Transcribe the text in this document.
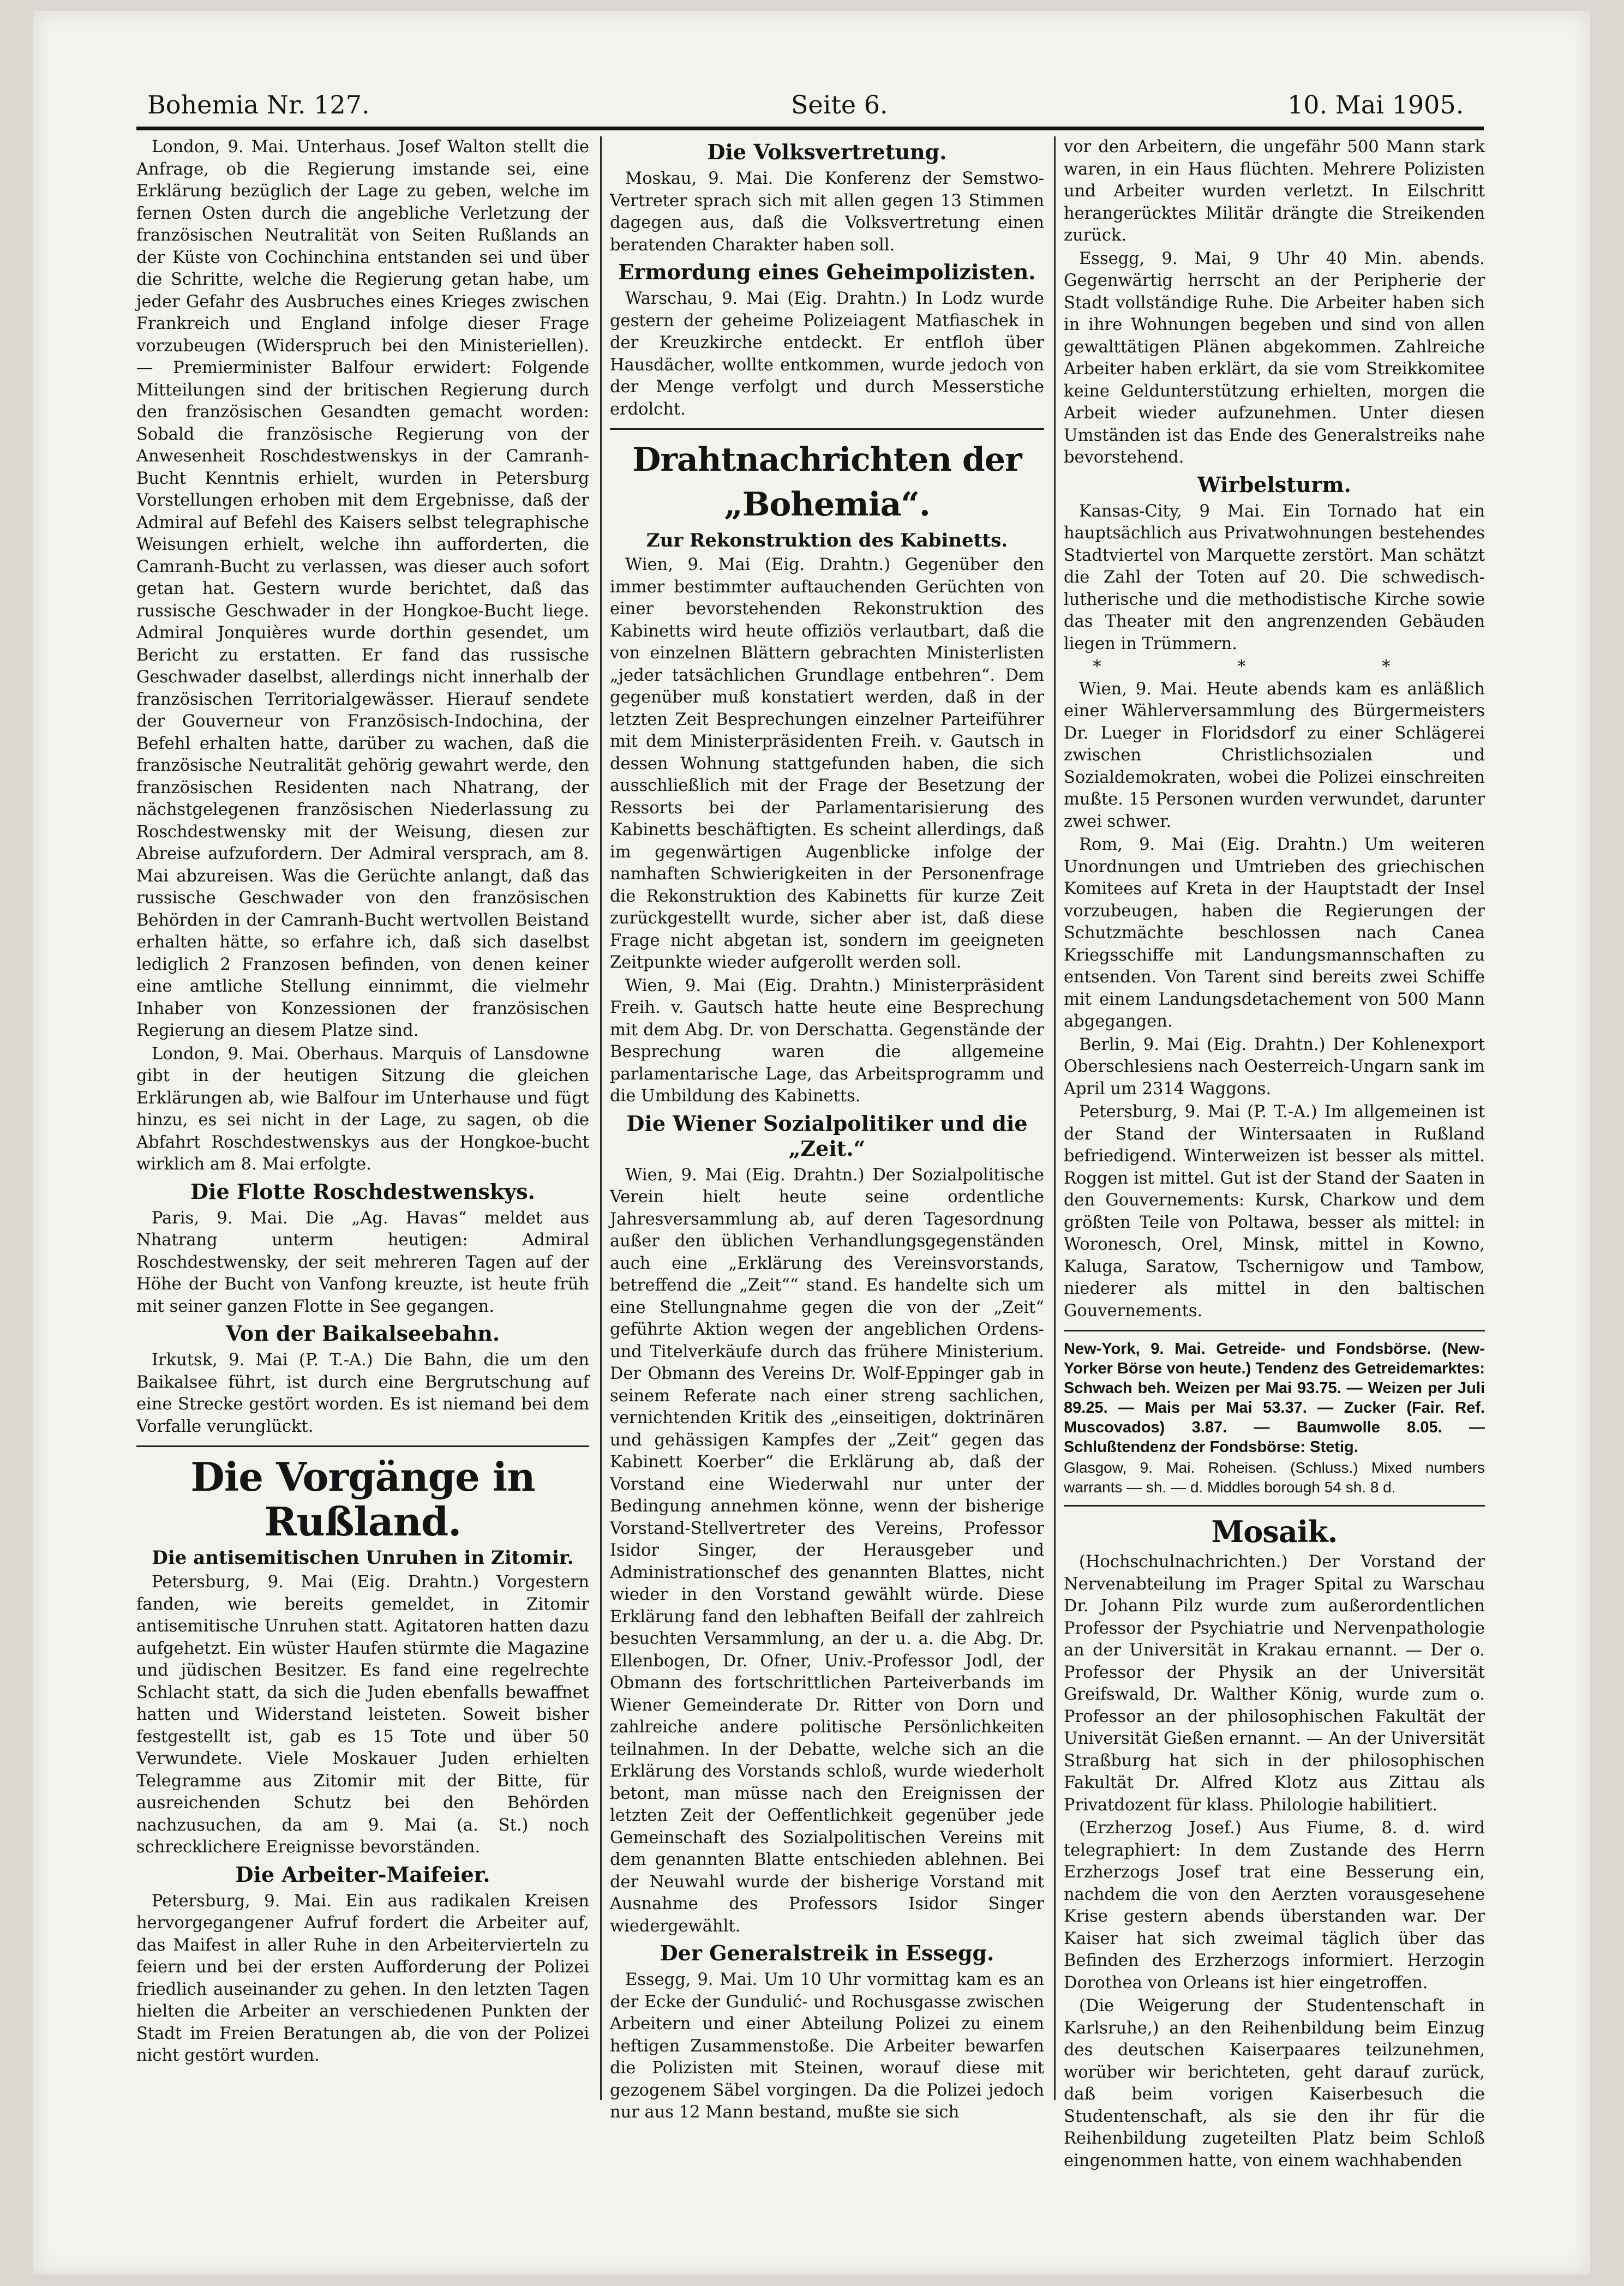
Bohemia Nr. 127.	Seite 6.	10. Mai 1905.

London, 9. Mai. Unterhaus. Josef Walton stellt die Anfrage, ob die Regierung imstande sei, eine Erklärung bezüglich der Lage zu geben, welche im fernen Osten durch die angebliche Verletzung der französischen Neutralität von Seiten Rußlands an der Küste von Cochinchina entstanden sei und über die Schritte, welche die Regierung getan habe, um jeder Gefahr des Ausbruches eines Krieges zwischen Frankreich und England infolge dieser Frage vorzubeugen (Widerspruch bei den Ministeriellen). — Premierminister Balfour erwidert: Folgende Mitteilungen sind der britischen Regierung durch den französischen Gesandten gemacht worden: Sobald die französische Regierung von der Anwesenheit Roschdestwenskys in der Camranh-Bucht Kenntnis erhielt, wurden in Petersburg Vorstellungen erhoben mit dem Ergebnisse, daß der Admiral auf Befehl des Kaisers selbst telegraphische Weisungen erhielt, welche ihn aufforderten, die Camranh-Bucht zu verlassen, was dieser auch sofort getan hat. Gestern wurde berichtet, daß das russische Geschwader in der Hongkoe-Bucht liege. Admiral Jonquières wurde dorthin gesendet, um Bericht zu erstatten. Er fand das russische Geschwader daselbst, allerdings nicht innerhalb der französischen Territorialgewässer. Hierauf sendete der Gouverneur von Französisch-Indochina, der Befehl erhalten hatte, darüber zu wachen, daß die französische Neutralität gehörig gewahrt werde, den französischen Residenten nach Nhatrang, der nächstgelegenen französischen Niederlassung zu Roschdestwensky mit der Weisung, diesen zur Abreise aufzufordern. Der Admiral versprach, am 8. Mai abzureisen. Was die Gerüchte anlangt, daß das russische Geschwader von den französischen Behörden in der Camranh-Bucht wertvollen Beistand erhalten hätte, so erfahre ich, daß sich daselbst lediglich 2 Franzosen befinden, von denen keiner eine amtliche Stellung einnimmt, die vielmehr Inhaber von Konzessionen der französischen Regierung an diesem Platze sind.

London, 9. Mai. Oberhaus. Marquis of Lansdowne gibt in der heutigen Sitzung die gleichen Erklärungen ab, wie Balfour im Unterhause und fügt hinzu, es sei nicht in der Lage, zu sagen, ob die Abfahrt Roschdestwenskys aus der Hongkoe-bucht wirklich am 8. Mai erfolgte.

Die Flotte Roschdestwenskys.

Paris, 9. Mai. Die „Ag. Havas“ meldet aus Nhatrang unterm heutigen: Admiral Roschdestwensky, der seit mehreren Tagen auf der Höhe der Bucht von Vanfong kreuzte, ist heute früh mit seiner ganzen Flotte in See gegangen.

Von der Baikalseebahn.

Irkutsk, 9. Mai (P. T.-A.) Die Bahn, die um den Baikalsee führt, ist durch eine Bergrutschung auf eine Strecke gestört worden. Es ist niemand bei dem Vorfalle verunglückt.

Die Vorgänge in Rußland.
Die antisemitischen Unruhen in Zitomir.

Petersburg, 9. Mai (Eig. Drahtn.) Vorgestern fanden, wie bereits gemeldet, in Zitomir antisemitische Unruhen statt. Agitatoren hatten dazu aufgehetzt. Ein wüster Haufen stürmte die Magazine und jüdischen Besitzer. Es fand eine regelrechte Schlacht statt, da sich die Juden ebenfalls bewaffnet hatten und Widerstand leisteten. Soweit bisher festgestellt ist, gab es 15 Tote und über 50 Verwundete. Viele Moskauer Juden erhielten Telegramme aus Zitomir mit der Bitte, für ausreichenden Schutz bei den Behörden nachzusuchen, da am 9. Mai (a. St.) noch schrecklichere Ereignisse bevorständen.

Die Arbeiter-Maifeier.

Petersburg, 9. Mai. Ein aus radikalen Kreisen hervorgegangener Aufruf fordert die Arbeiter auf, das Maifest in aller Ruhe in den Arbeitervierteln zu feiern und bei der ersten Aufforderung der Polizei friedlich auseinander zu gehen. In den letzten Tagen hielten die Arbeiter an verschiedenen Punkten der Stadt im Freien Beratungen ab, die von der Polizei nicht gestört wurden.

Die Volksvertretung.

Moskau, 9. Mai. Die Konferenz der Semstwo-Vertreter sprach sich mit allen gegen 13 Stimmen dagegen aus, daß die Volksvertretung einen beratenden Charakter haben soll.

Ermordung eines Geheimpolizisten.

Warschau, 9. Mai (Eig. Drahtn.) In Lodz wurde gestern der geheime Polizeiagent Matfiaschek in der Kreuzkirche entdeckt. Er entfloh über Hausdächer, wollte entkommen, wurde jedoch von der Menge verfolgt und durch Messerstiche erdolcht.

Drahtnachrichten der „Bohemia“.
Zur Rekonstruktion des Kabinetts.

Wien, 9. Mai (Eig. Drahtn.) Gegenüber den immer bestimmter auftauchenden Gerüchten von einer bevorstehenden Rekonstruktion des Kabinetts wird heute offiziös verlautbart, daß die von einzelnen Blättern gebrachten Ministerlisten „jeder tatsächlichen Grundlage entbehren“. Dem gegenüber muß konstatiert werden, daß in der letzten Zeit Besprechungen einzelner Parteiführer mit dem Ministerpräsidenten Freih. v. Gautsch in dessen Wohnung stattgefunden haben, die sich ausschließlich mit der Frage der Besetzung der Ressorts bei der Parlamentarisierung des Kabinetts beschäftigten. Es scheint allerdings, daß im gegenwärtigen Augenblicke infolge der namhaften Schwierigkeiten in der Personenfrage die Rekonstruktion des Kabinetts für kurze Zeit zurückgestellt wurde, sicher aber ist, daß diese Frage nicht abgetan ist, sondern im geeigneten Zeitpunkte wieder aufgerollt werden soll.

Wien, 9. Mai (Eig. Drahtn.) Ministerpräsident Freih. v. Gautsch hatte heute eine Besprechung mit dem Abg. Dr. von Derschatta. Gegenstände der Besprechung waren die allgemeine parlamentarische Lage, das Arbeitsprogramm und die Umbildung des Kabinetts.

Die Wiener Sozialpolitiker und die „Zeit.“

Wien, 9. Mai (Eig. Drahtn.) Der Sozialpolitische Verein hielt heute seine ordentliche Jahresversammlung ab, auf deren Tagesordnung außer den üblichen Verhandlungsgegenständen auch eine „Erklärung des Vereinsvorstands, betreffend die „Zeit““ stand. Es handelte sich um eine Stellungnahme gegen die von der „Zeit“ geführte Aktion wegen der angeblichen Ordens- und Titelverkäufe durch das frühere Ministerium. Der Obmann des Vereins Dr. Wolf-Eppinger gab in seinem Referate nach einer streng sachlichen, vernichtenden Kritik des „einseitigen, doktrinären und gehässigen Kampfes der „Zeit“ gegen das Kabinett Koerber“ die Erklärung ab, daß der Vorstand eine Wiederwahl nur unter der Bedingung annehmen könne, wenn der bisherige Vorstand-Stellvertreter des Vereins, Professor Isidor Singer, der Herausgeber und Administrationschef des genannten Blattes, nicht wieder in den Vorstand gewählt würde. Diese Erklärung fand den lebhaften Beifall der zahlreich besuchten Versammlung, an der u. a. die Abg. Dr. Ellenbogen, Dr. Ofner, Univ.-Professor Jodl, der Obmann des fortschrittlichen Parteiverbands im Wiener Gemeinderate Dr. Ritter von Dorn und zahlreiche andere politische Persönlichkeiten teilnahmen. In der Debatte, welche sich an die Erklärung des Vorstands schloß, wurde wiederholt betont, man müsse nach den Ereignissen der letzten Zeit der Oeffentlichkeit gegenüber jede Gemeinschaft des Sozialpolitischen Vereins mit dem genannten Blatte entschieden ablehnen. Bei der Neuwahl wurde der bisherige Vorstand mit Ausnahme des Professors Isidor Singer wiedergewählt.

Der Generalstreik in Essegg.

Essegg, 9. Mai. Um 10 Uhr vormittag kam es an der Ecke der Gundulić- und Rochusgasse zwischen Arbeitern und einer Abteilung Polizei zu einem heftigen Zusammenstoße. Die Arbeiter bewarfen die Polizisten mit Steinen, worauf diese mit gezogenem Säbel vorgingen. Da die Polizei jedoch nur aus 12 Mann bestand, mußte sie sich

vor den Arbeitern, die ungefähr 500 Mann stark waren, in ein Haus flüchten. Mehrere Polizisten und Arbeiter wurden verletzt. In Eilschritt herangerücktes Militär drängte die Streikenden zurück.

Essegg, 9. Mai, 9 Uhr 40 Min. abends. Gegenwärtig herrscht an der Peripherie der Stadt vollständige Ruhe. Die Arbeiter haben sich in ihre Wohnungen begeben und sind von allen gewalttätigen Plänen abgekommen. Zahlreiche Arbeiter haben erklärt, da sie vom Streikkomitee keine Geldunterstützung erhielten, morgen die Arbeit wieder aufzunehmen. Unter diesen Umständen ist das Ende des Generalstreiks nahe bevorstehend.

Wirbelsturm.

Kansas-City, 9 Mai. Ein Tornado hat ein hauptsächlich aus Privatwohnungen bestehendes Stadtviertel von Marquette zerstört. Man schätzt die Zahl der Toten auf 20. Die schwedisch-lutherische und die methodistische Kirche sowie das Theater mit den angrenzenden Gebäuden liegen in Trümmern.

* * *

Wien, 9. Mai. Heute abends kam es anläßlich einer Wählerversammlung des Bürgermeisters Dr. Lueger in Floridsdorf zu einer Schlägerei zwischen Christlichsozialen und Sozialdemokraten, wobei die Polizei einschreiten mußte. 15 Personen wurden verwundet, darunter zwei schwer.

Rom, 9. Mai (Eig. Drahtn.) Um weiteren Unordnungen und Umtrieben des griechischen Komitees auf Kreta in der Hauptstadt der Insel vorzubeugen, haben die Regierungen der Schutzmächte beschlossen nach Canea Kriegsschiffe mit Landungsmannschaften zu entsenden. Von Tarent sind bereits zwei Schiffe mit einem Landungsdetachement von 500 Mann abgegangen.

Berlin, 9. Mai (Eig. Drahtn.) Der Kohlenexport Oberschlesiens nach Oesterreich-Ungarn sank im April um 2314 Waggons.

Petersburg, 9. Mai (P. T.-A.) Im allgemeinen ist der Stand der Wintersaaten in Rußland befriedigend. Winterweizen ist besser als mittel. Roggen ist mittel. Gut ist der Stand der Saaten in den Gouvernements: Kursk, Charkow und dem größten Teile von Poltawa, besser als mittel: in Woronesch, Orel, Minsk, mittel in Kowno, Kaluga, Saratow, Tschernigow und Tambow, niederer als mittel in den baltischen Gouvernements.

New-York, 9. Mai. Getreide- und Fondsbörse. (New-Yorker Börse von heute.) Tendenz des Getreidemarktes: Schwach beh. Weizen per Mai 93.75. — Weizen per Juli 89.25. — Mais per Mai 53.37. — Zucker (Fair. Ref. Muscovados) 3.87. — Baumwolle 8.05. — Schlußtendenz der Fondsbörse: Stetig.

Glasgow, 9. Mai. Roheisen. (Schluss.) Mixed numbers warrants — sh. — d. Middles borough 54 sh. 8 d.

Mosaik.

(Hochschulnachrichten.) Der Vorstand der Nervenabteilung im Prager Spital zu Warschau Dr. Johann Pilz wurde zum außerordentlichen Professor der Psychiatrie und Nervenpathologie an der Universität in Krakau ernannt. — Der o. Professor der Physik an der Universität Greifswald, Dr. Walther König, wurde zum o. Professor an der philosophischen Fakultät der Universität Gießen ernannt. — An der Universität Straßburg hat sich in der philosophischen Fakultät Dr. Alfred Klotz aus Zittau als Privatdozent für klass. Philologie habilitiert.

(Erzherzog Josef.) Aus Fiume, 8. d. wird telegraphiert: In dem Zustande des Herrn Erzherzogs Josef trat eine Besserung ein, nachdem die von den Aerzten vorausgesehene Krise gestern abends überstanden war. Der Kaiser hat sich zweimal täglich über das Befinden des Erzherzogs informiert. Herzogin Dorothea von Orleans ist hier eingetroffen.

(Die Weigerung der Studentenschaft in Karlsruhe,) an den Reihenbildung beim Einzug des deutschen Kaiserpaares teilzunehmen, worüber wir berichteten, geht darauf zurück, daß beim vorigen Kaiserbesuch die Studentenschaft, als sie den ihr für die Reihenbildung zugeteilten Platz beim Schloß eingenommen hatte, von einem wachhabenden
